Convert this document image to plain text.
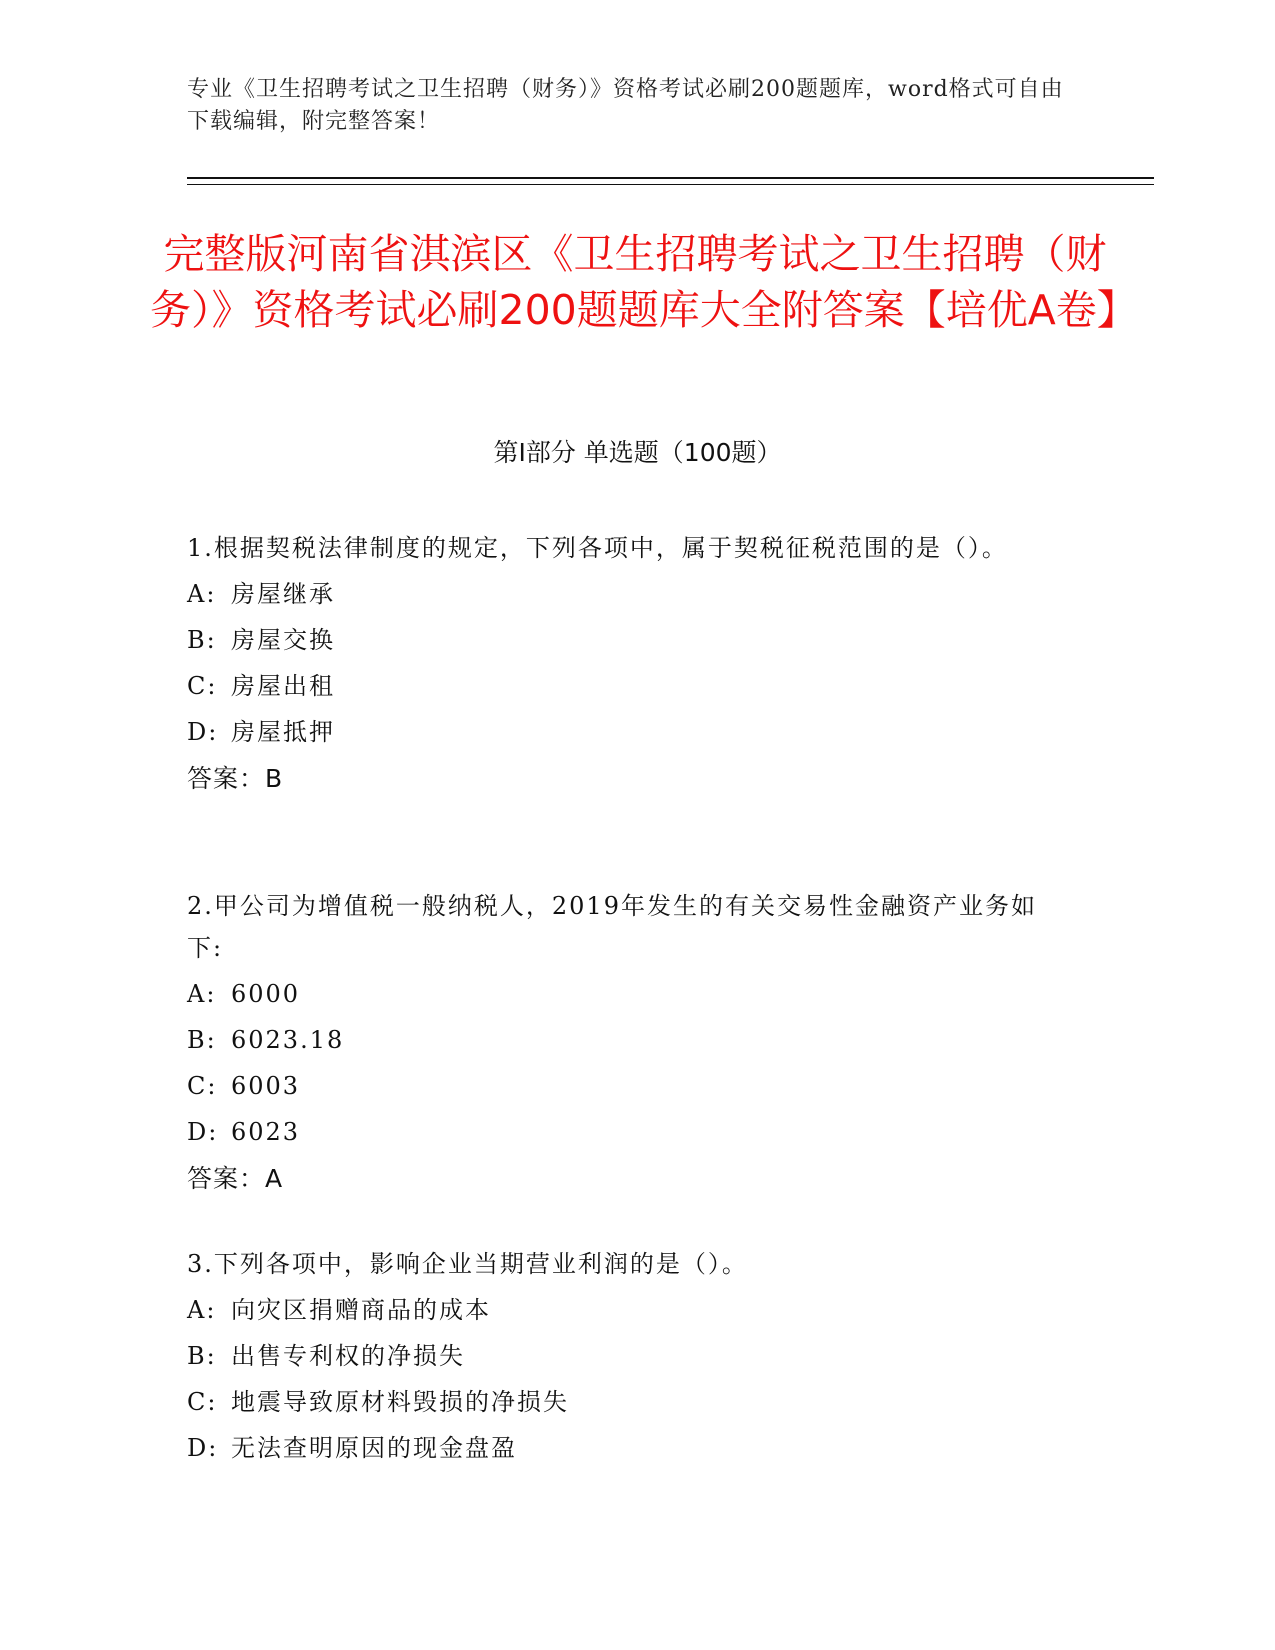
专业《卫生招聘考试之卫生招聘（财务）》资格考试必刷200题题库，word格式可自由下载编辑，附完整答案！
完整版河南省淇滨区《卫生招聘考试之卫生招聘（财务）》资格考试必刷200题题库大全附答案【培优A卷】
第Ⅰ部分 单选题（100题）
1.根据契税法律制度的规定，下列各项中，属于契税征税范围的是（）。
A: 房屋继承
B: 房屋交换
C: 房屋出租
D: 房屋抵押
答案：B
2.甲公司为增值税一般纳税人，2019年发生的有关交易性金融资产业务如下:
A: 6000
B: 6023.18
C: 6003
D: 6023
答案：A
3.下列各项中，影响企业当期营业利润的是（）。
A: 向灾区捐赠商品的成本
B: 出售专利权的净损失
C: 地震导致原材料毁损的净损失
D: 无法查明原因的现金盘盈
